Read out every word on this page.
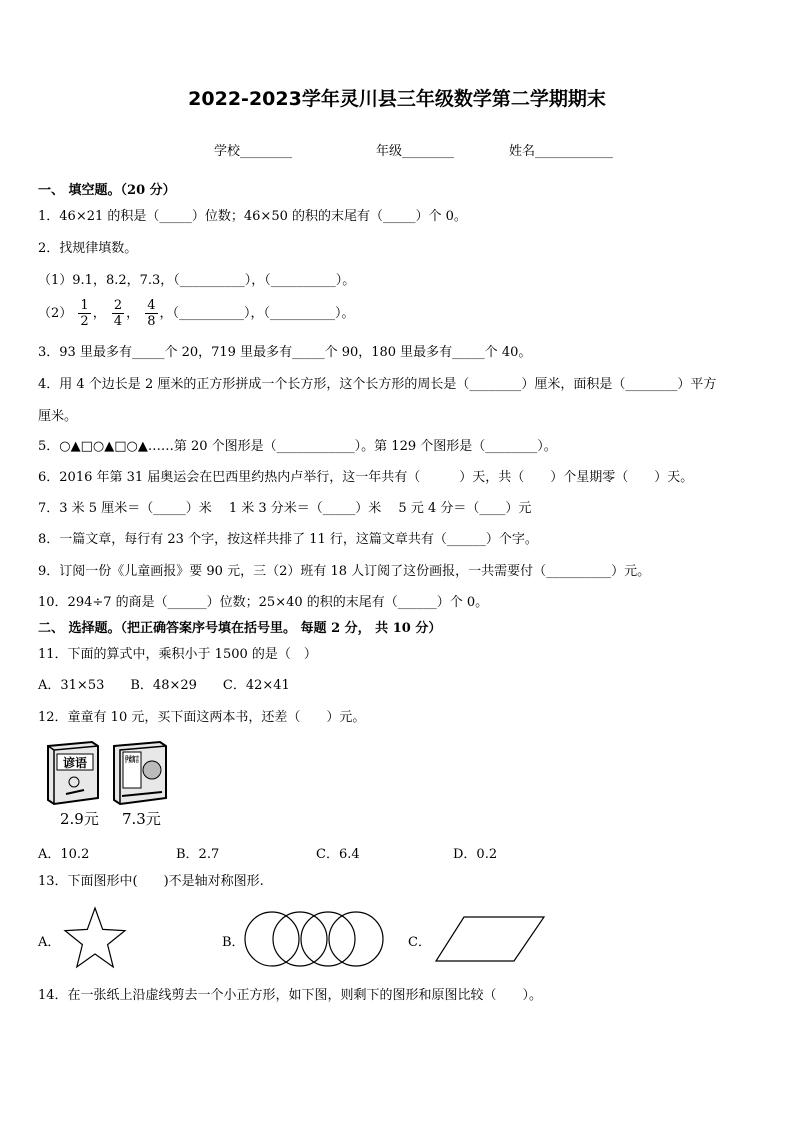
2022-2023学年灵川县三年级数学第二学期期末
学校________	年级________	姓名____________
一、 填空题。（20 分）
1．46×21 的积是（_____）位数；46×50 的积的末尾有（_____）个 0。
2．找规律填数。
（1）9.1，8.2，7.3，（__________），（__________）。
$(2) \frac{1}{2}$ ， $\frac{2}{4}$ ， $\frac{4}{8}$ ，（__________），（__________）。
3．93 里最多有_____个 20，719 里最多有_____个 90，180 里最多有_____个 40。
4．用 4 个边长是 2 厘米的正方形拼成一个长方形，这个长方形的周长是（________）厘米，面积是（________）平方
厘米。
5．○▲□○▲□○▲……第 20 个图形是（____________）。第 129 个图形是（________）。
6．2016 年第 31 届奥运会在巴西里约热内卢举行，这一年共有（　　　）天，共（　　）个星期零（　　）天。
7．3 米 5 厘米＝（_____）米　 1 米 3 分米＝（_____）米　 5 元 4 分＝（____）元
8．一篇文章，每行有 23 个字，按这样共排了 11 行，这篇文章共有（______）个字。
9．订阅一份《儿童画报》要 90 元，三（2）班有 18 人订阅了这份画报，一共需要付（__________）元。
10．294÷7 的商是（______）位数；25×40 的积的末尾有（______）个 0。
二、 选择题。（把正确答案序号填在括号里。 每题 2 分， 共 10 分）
11．下面的算式中，乘积小于 1500 的是（　）
A．31×53　　B．48×29　　C．42×41
12．童童有 10 元，买下面这两本书，还差（　　）元。
谚语
2.9元 7.3元
A．10.2	B．2.7	C．6.4	D．0.2
13．下面图形中(　　)不是轴对称图形.
A．	B．	C．
14．在一张纸上沿虚线剪去一个小正方形，如下图，则剩下的图形和原图比较（　　）。
